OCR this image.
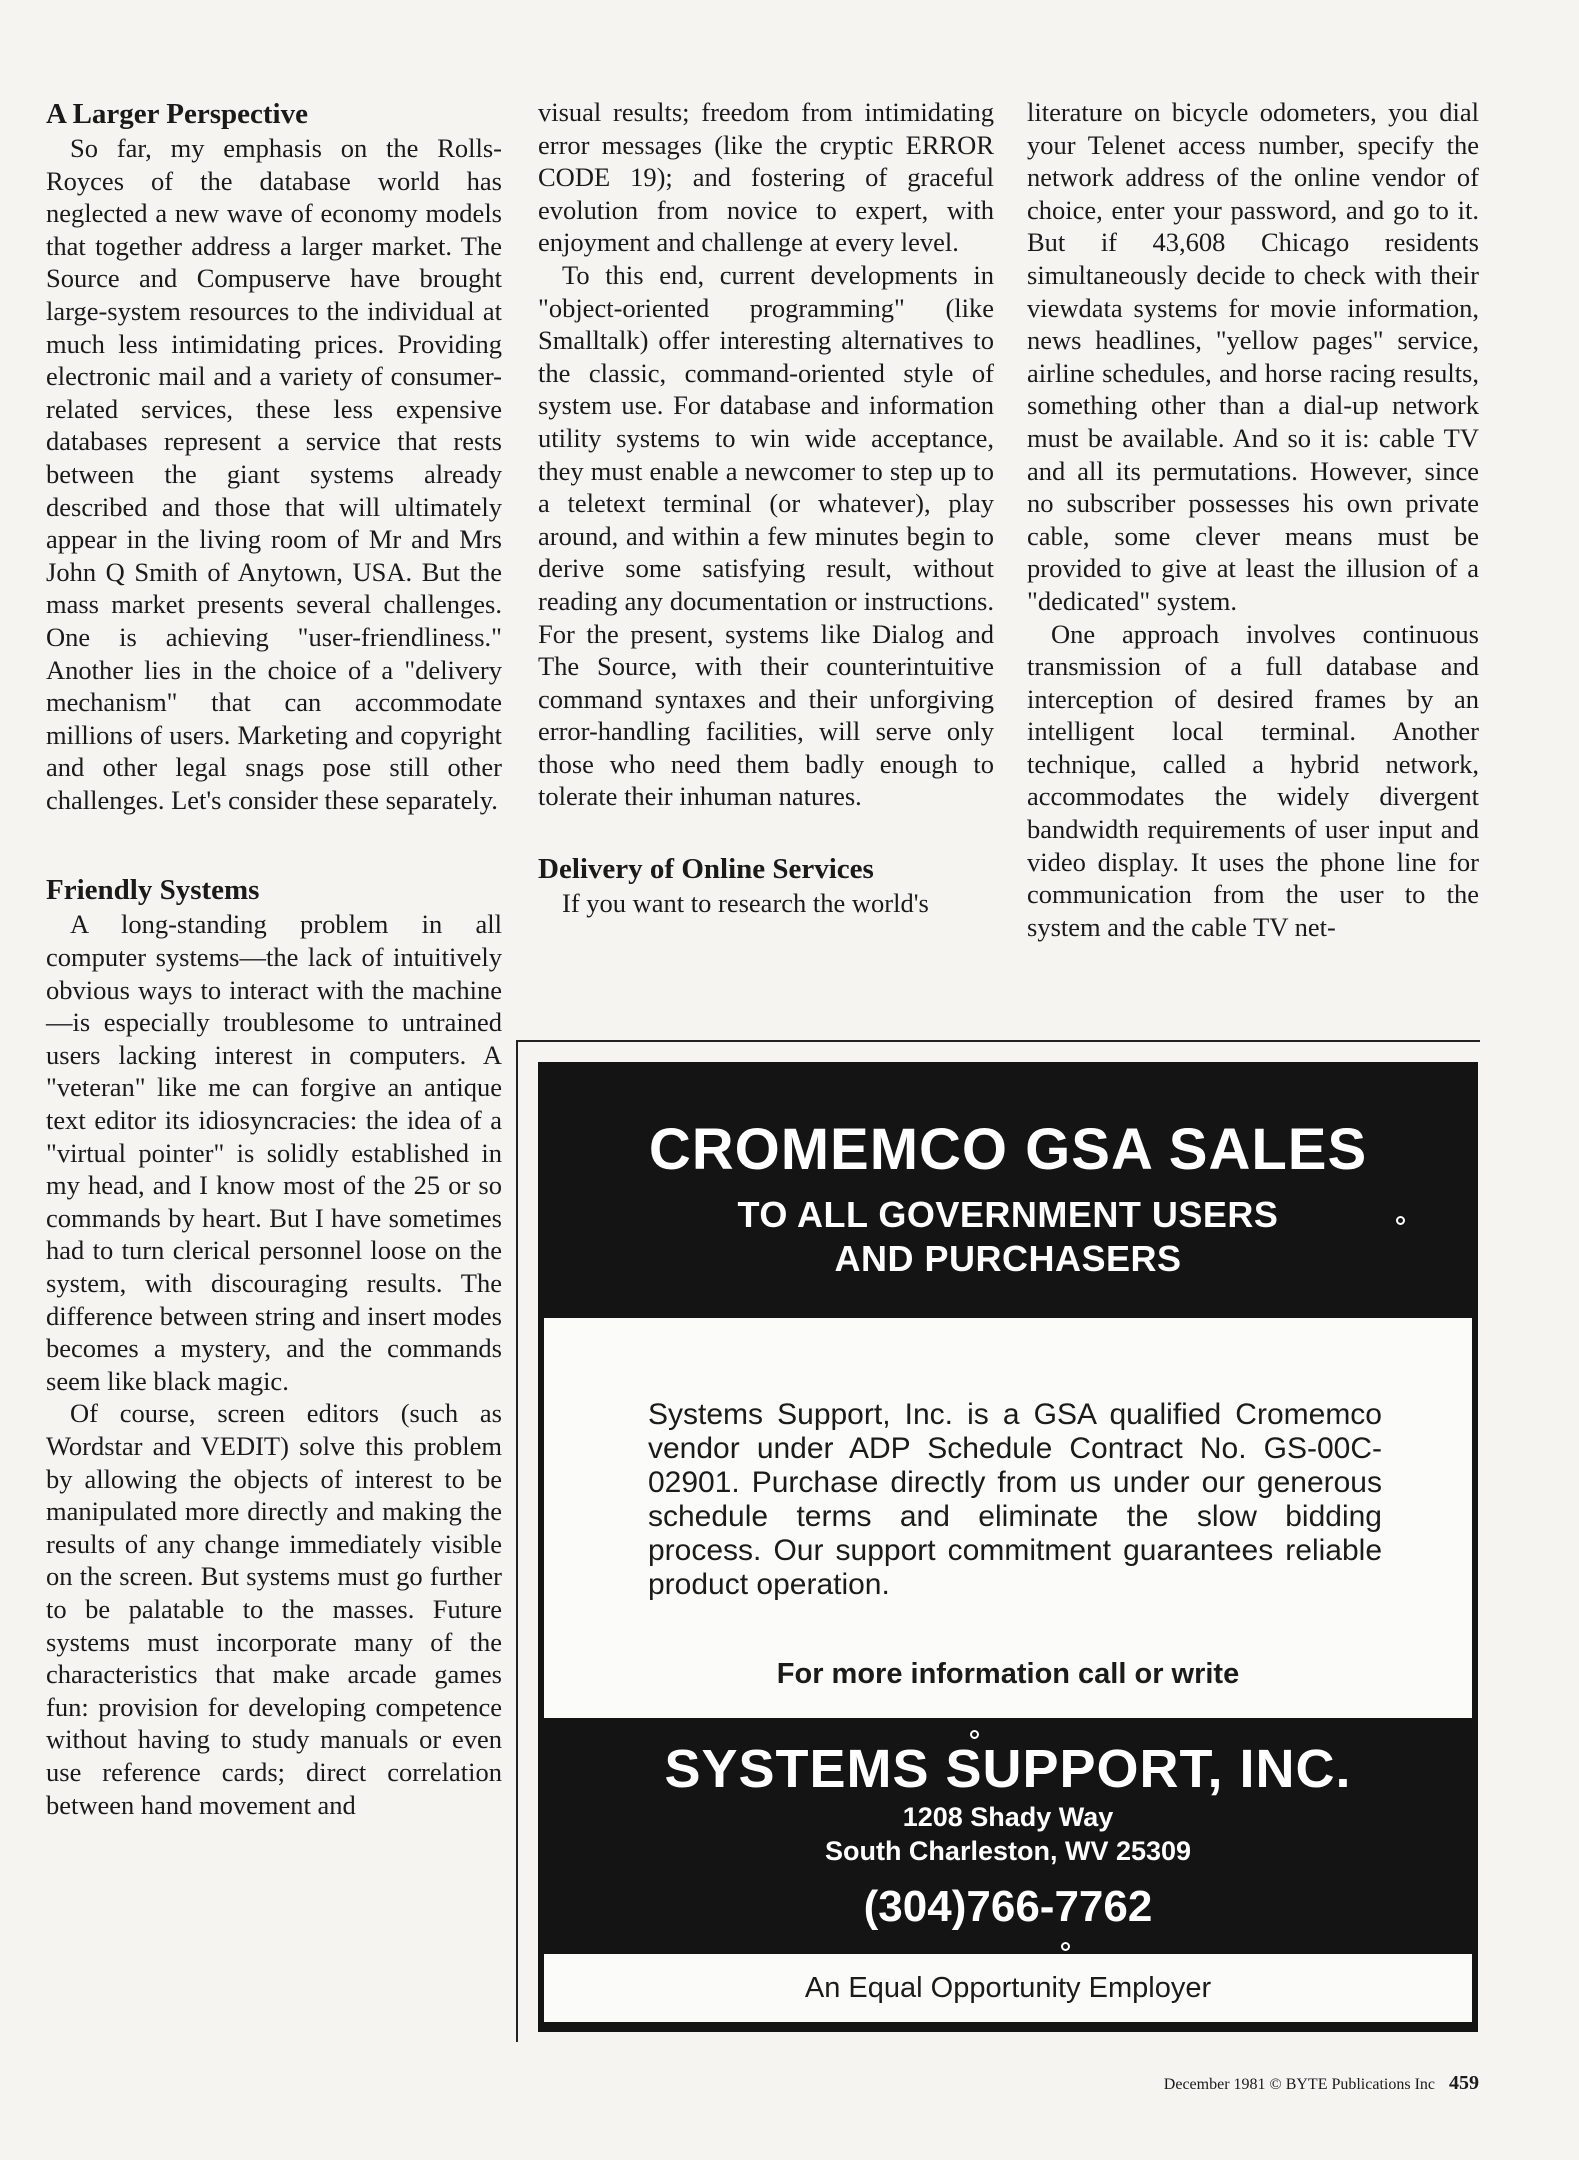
A Larger Perspective

So far, my emphasis on the Rolls-Royces of the database world has neglected a new wave of economy models that together address a larger market. The Source and Compuserve have brought large-system resources to the individual at much less intimidating prices. Providing electronic mail and a variety of consumer-related services, these less expensive databases represent a service that rests between the giant systems already described and those that will ultimately appear in the living room of Mr and Mrs John Q Smith of Anytown, USA. But the mass market presents several challenges. One is achieving "user-friendliness." Another lies in the choice of a "delivery mechanism" that can accommodate millions of users. Marketing and copyright and other legal snags pose still other challenges. Let's consider these separately.

Friendly Systems

A long-standing problem in all computer systems—the lack of intuitively obvious ways to interact with the machine—is especially troublesome to untrained users lacking interest in computers. A "veteran" like me can forgive an antique text editor its idiosyncracies: the idea of a "virtual pointer" is solidly established in my head, and I know most of the 25 or so commands by heart. But I have sometimes had to turn clerical personnel loose on the system, with discouraging results. The difference between string and insert modes becomes a mystery, and the commands seem like black magic.

Of course, screen editors (such as Wordstar and VEDIT) solve this problem by allowing the objects of interest to be manipulated more directly and making the results of any change immediately visible on the screen. But systems must go further to be palatable to the masses. Future systems must incorporate many of the characteristics that make arcade games fun: provision for developing competence without having to study manuals or even use reference cards; direct correlation between hand movement and

visual results; freedom from intimidating error messages (like the cryptic ERROR CODE 19); and fostering of graceful evolution from novice to expert, with enjoyment and challenge at every level.

To this end, current developments in "object-oriented programming" (like Smalltalk) offer interesting alternatives to the classic, command-oriented style of system use. For database and information utility systems to win wide acceptance, they must enable a newcomer to step up to a teletext terminal (or whatever), play around, and within a few minutes begin to derive some satisfying result, without reading any documentation or instructions. For the present, systems like Dialog and The Source, with their counterintuitive command syntaxes and their unforgiving error-handling facilities, will serve only those who need them badly enough to tolerate their inhuman natures.

Delivery of Online Services

If you want to research the world's

literature on bicycle odometers, you dial your Telenet access number, specify the network address of the online vendor of choice, enter your password, and go to it. But if 43,608 Chicago residents simultaneously decide to check with their viewdata systems for movie information, news headlines, "yellow pages" service, airline schedules, and horse racing results, something other than a dial-up network must be available. And so it is: cable TV and all its permutations. However, since no subscriber possesses his own private cable, some clever means must be provided to give at least the illusion of a "dedicated" system.

One approach involves continuous transmission of a full database and interception of desired frames by an intelligent local terminal. Another technique, called a hybrid network, accommodates the widely divergent bandwidth requirements of user input and video display. It uses the phone line for communication from the user to the system and the cable TV net-

CROMEMCO GSA SALES
TO ALL GOVERNMENT USERS
AND PURCHASERS
Systems Support, Inc. is a GSA qualified Cromemco vendor under ADP Schedule Contract No. GS-00C-02901. Purchase directly from us under our generous schedule terms and eliminate the slow bidding process. Our support commitment guarantees reliable product operation.
For more information call or write
SYSTEMS SUPPORT, INC.
1208 Shady Way
South Charleston, WV 25309
(304)766-7762
An Equal Opportunity Employer
December 1981 © BYTE Publications Inc 459
